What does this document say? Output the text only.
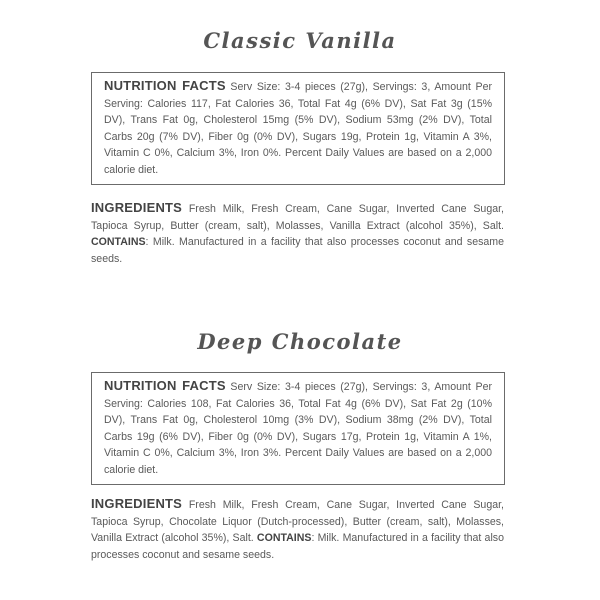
Classic Vanilla
NUTRITION FACTS Serv Size: 3-4 pieces (27g), Servings: 3, Amount Per Serving: Calories 117, Fat Calories 36, Total Fat 4g (6% DV), Sat Fat 3g (15% DV), Trans Fat 0g, Cholesterol 15mg (5% DV), Sodium 53mg (2% DV), Total Carbs 20g (7% DV), Fiber 0g (0% DV), Sugars 19g, Protein 1g, Vitamin A 3%, Vitamin C 0%, Calcium 3%, Iron 0%. Percent Daily Values are based on a 2,000 calorie diet.
INGREDIENTS Fresh Milk, Fresh Cream, Cane Sugar, Inverted Cane Sugar, Tapioca Syrup, Butter (cream, salt), Molasses, Vanilla Extract (alcohol 35%), Salt. CONTAINS: Milk. Manufactured in a facility that also processes coconut and sesame seeds.
Deep Chocolate
NUTRITION FACTS Serv Size: 3-4 pieces (27g), Servings: 3, Amount Per Serving: Calories 108, Fat Calories 36, Total Fat 4g (6% DV), Sat Fat 2g (10% DV), Trans Fat 0g, Cholesterol 10mg (3% DV), Sodium 38mg (2% DV), Total Carbs 19g (6% DV), Fiber 0g (0% DV), Sugars 17g, Protein 1g, Vitamin A 1%, Vitamin C 0%, Calcium 3%, Iron 3%. Percent Daily Values are based on a 2,000 calorie diet.
INGREDIENTS Fresh Milk, Fresh Cream, Cane Sugar, Inverted Cane Sugar, Tapioca Syrup, Chocolate Liquor (Dutch-processed), Butter (cream, salt), Molasses, Vanilla Extract (alcohol 35%), Salt. CONTAINS: Milk. Manufactured in a facility that also processes coconut and sesame seeds.
